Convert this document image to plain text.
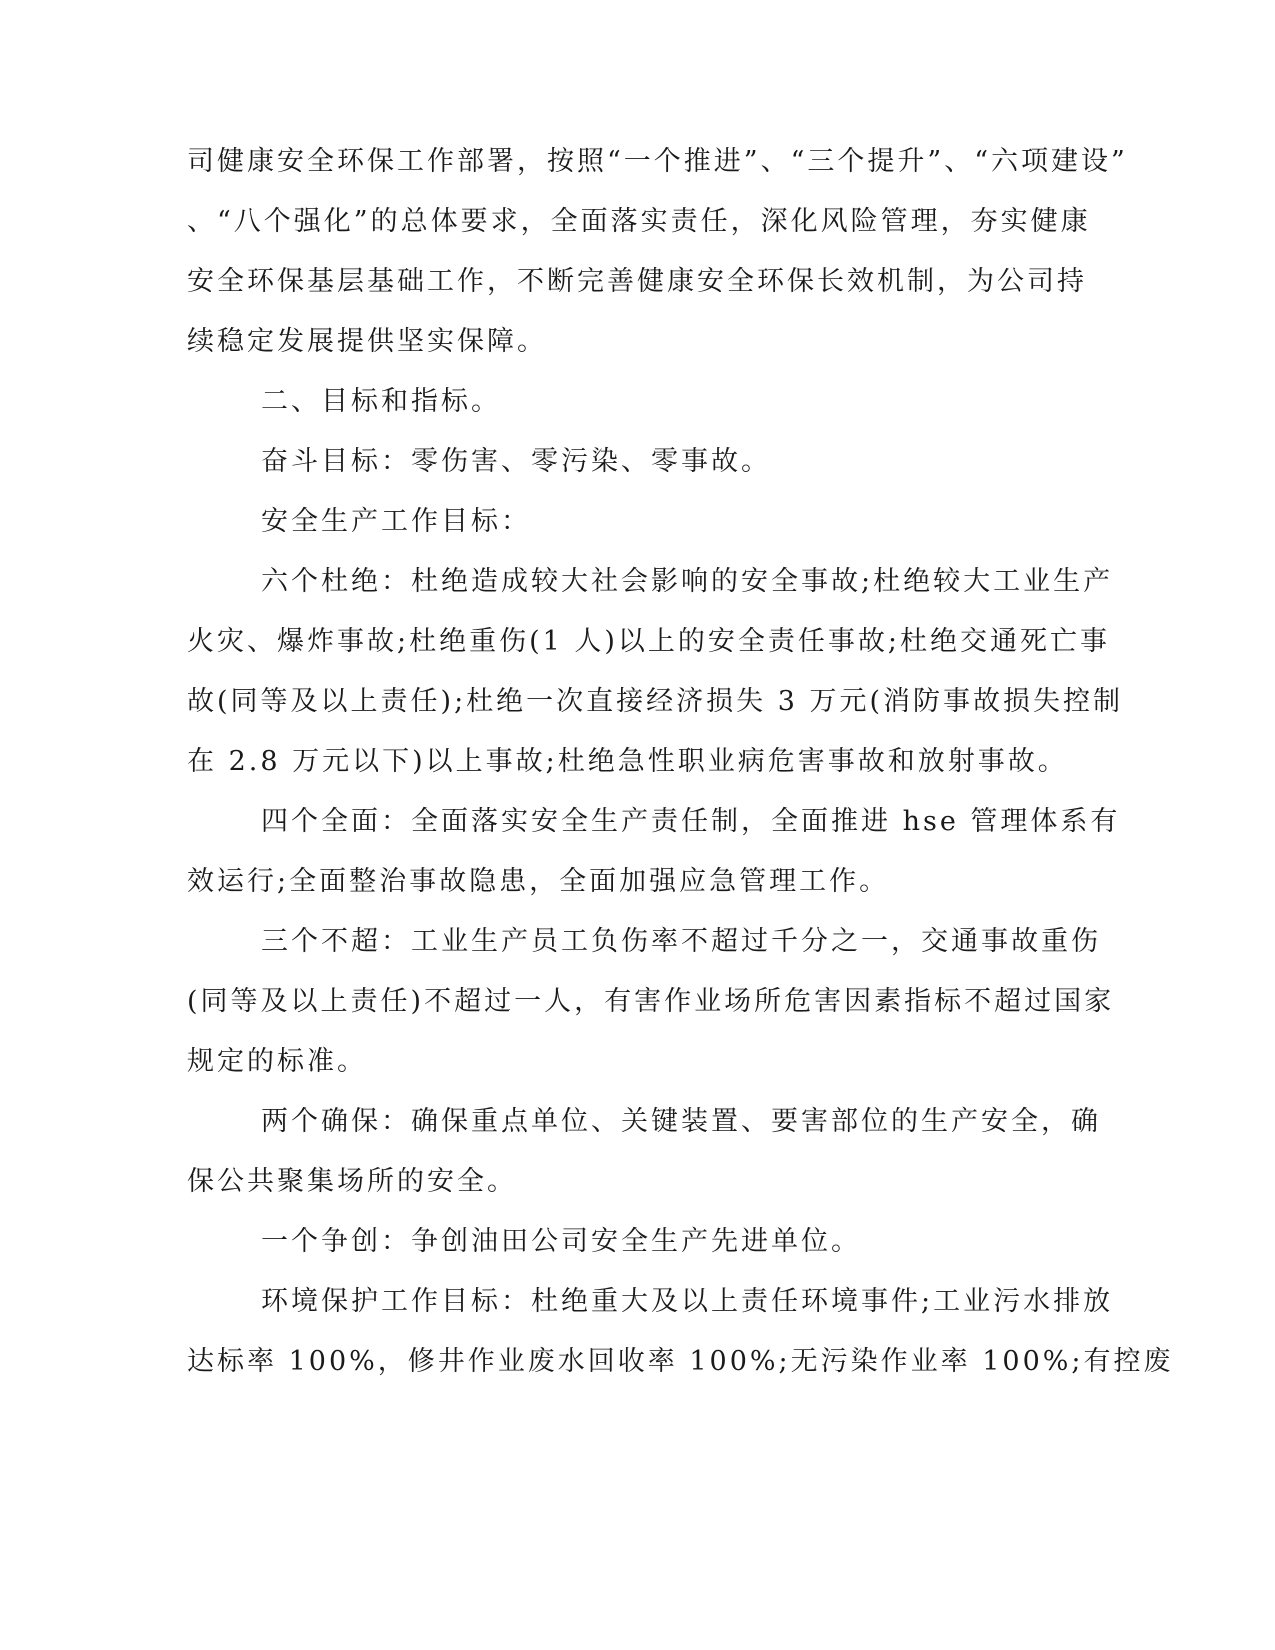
司健康安全环保工作部署，按照“一个推进”、“三个提升”、“六项建设”
、“八个强化”的总体要求，全面落实责任，深化风险管理，夯实健康
安全环保基层基础工作，不断完善健康安全环保长效机制，为公司持
续稳定发展提供坚实保障。
二、目标和指标。
奋斗目标：零伤害、零污染、零事故。
安全生产工作目标：
六个杜绝：杜绝造成较大社会影响的安全事故;杜绝较大工业生产
火灾、爆炸事故;杜绝重伤(1 人)以上的安全责任事故;杜绝交通死亡事
故(同等及以上责任);杜绝一次直接经济损失 3 万元(消防事故损失控制
在 2.8 万元以下)以上事故;杜绝急性职业病危害事故和放射事故。
四个全面：全面落实安全生产责任制，全面推进 hse 管理体系有
效运行;全面整治事故隐患，全面加强应急管理工作。
三个不超：工业生产员工负伤率不超过千分之一，交通事故重伤
(同等及以上责任)不超过一人，有害作业场所危害因素指标不超过国家
规定的标准。
两个确保：确保重点单位、关键装置、要害部位的生产安全，确
保公共聚集场所的安全。
一个争创：争创油田公司安全生产先进单位。
环境保护工作目标：杜绝重大及以上责任环境事件;工业污水排放
达标率 100%，修井作业废水回收率 100%;无污染作业率 100%;有控废
